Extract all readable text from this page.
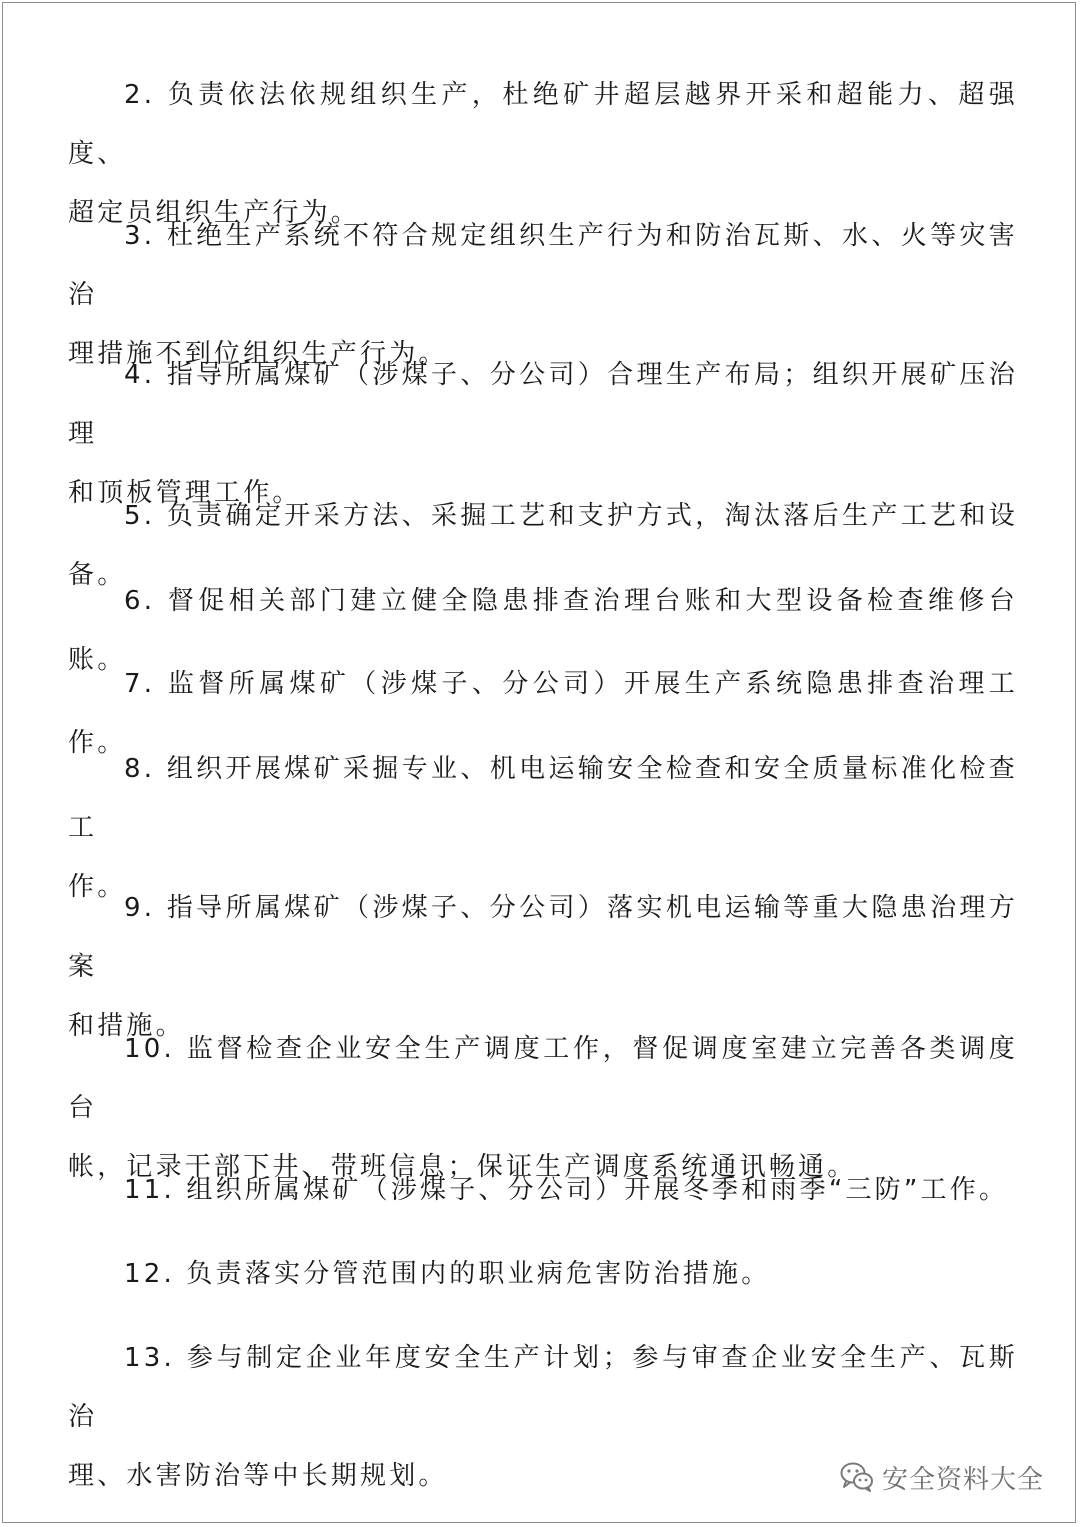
2. 负责依法依规组织生产，杜绝矿井超层越界开采和超能力、超强度、
超定员组织生产行为。
3. 杜绝生产系统不符合规定组织生产行为和防治瓦斯、水、火等灾害治
理措施不到位组织生产行为。
4. 指导所属煤矿（涉煤子、分公司）合理生产布局；组织开展矿压治理
和顶板管理工作。
5. 负责确定开采方法、采掘工艺和支护方式，淘汰落后生产工艺和设备。
6. 督促相关部门建立健全隐患排查治理台账和大型设备检查维修台账。
7. 监督所属煤矿（涉煤子、分公司）开展生产系统隐患排查治理工作。
8. 组织开展煤矿采掘专业、机电运输安全检查和安全质量标准化检查工
作。
9. 指导所属煤矿（涉煤子、分公司）落实机电运输等重大隐患治理方案
和措施。
10. 监督检查企业安全生产调度工作，督促调度室建立完善各类调度台
帐，记录干部下井、带班信息；保证生产调度系统通讯畅通。
11. 组织所属煤矿（涉煤子、分公司）开展冬季和雨季“三防”工作。
12. 负责落实分管范围内的职业病危害防治措施。
13. 参与制定企业年度安全生产计划；参与审查企业安全生产、瓦斯治
理、水害防治等中长期规划。	安全资料大全
